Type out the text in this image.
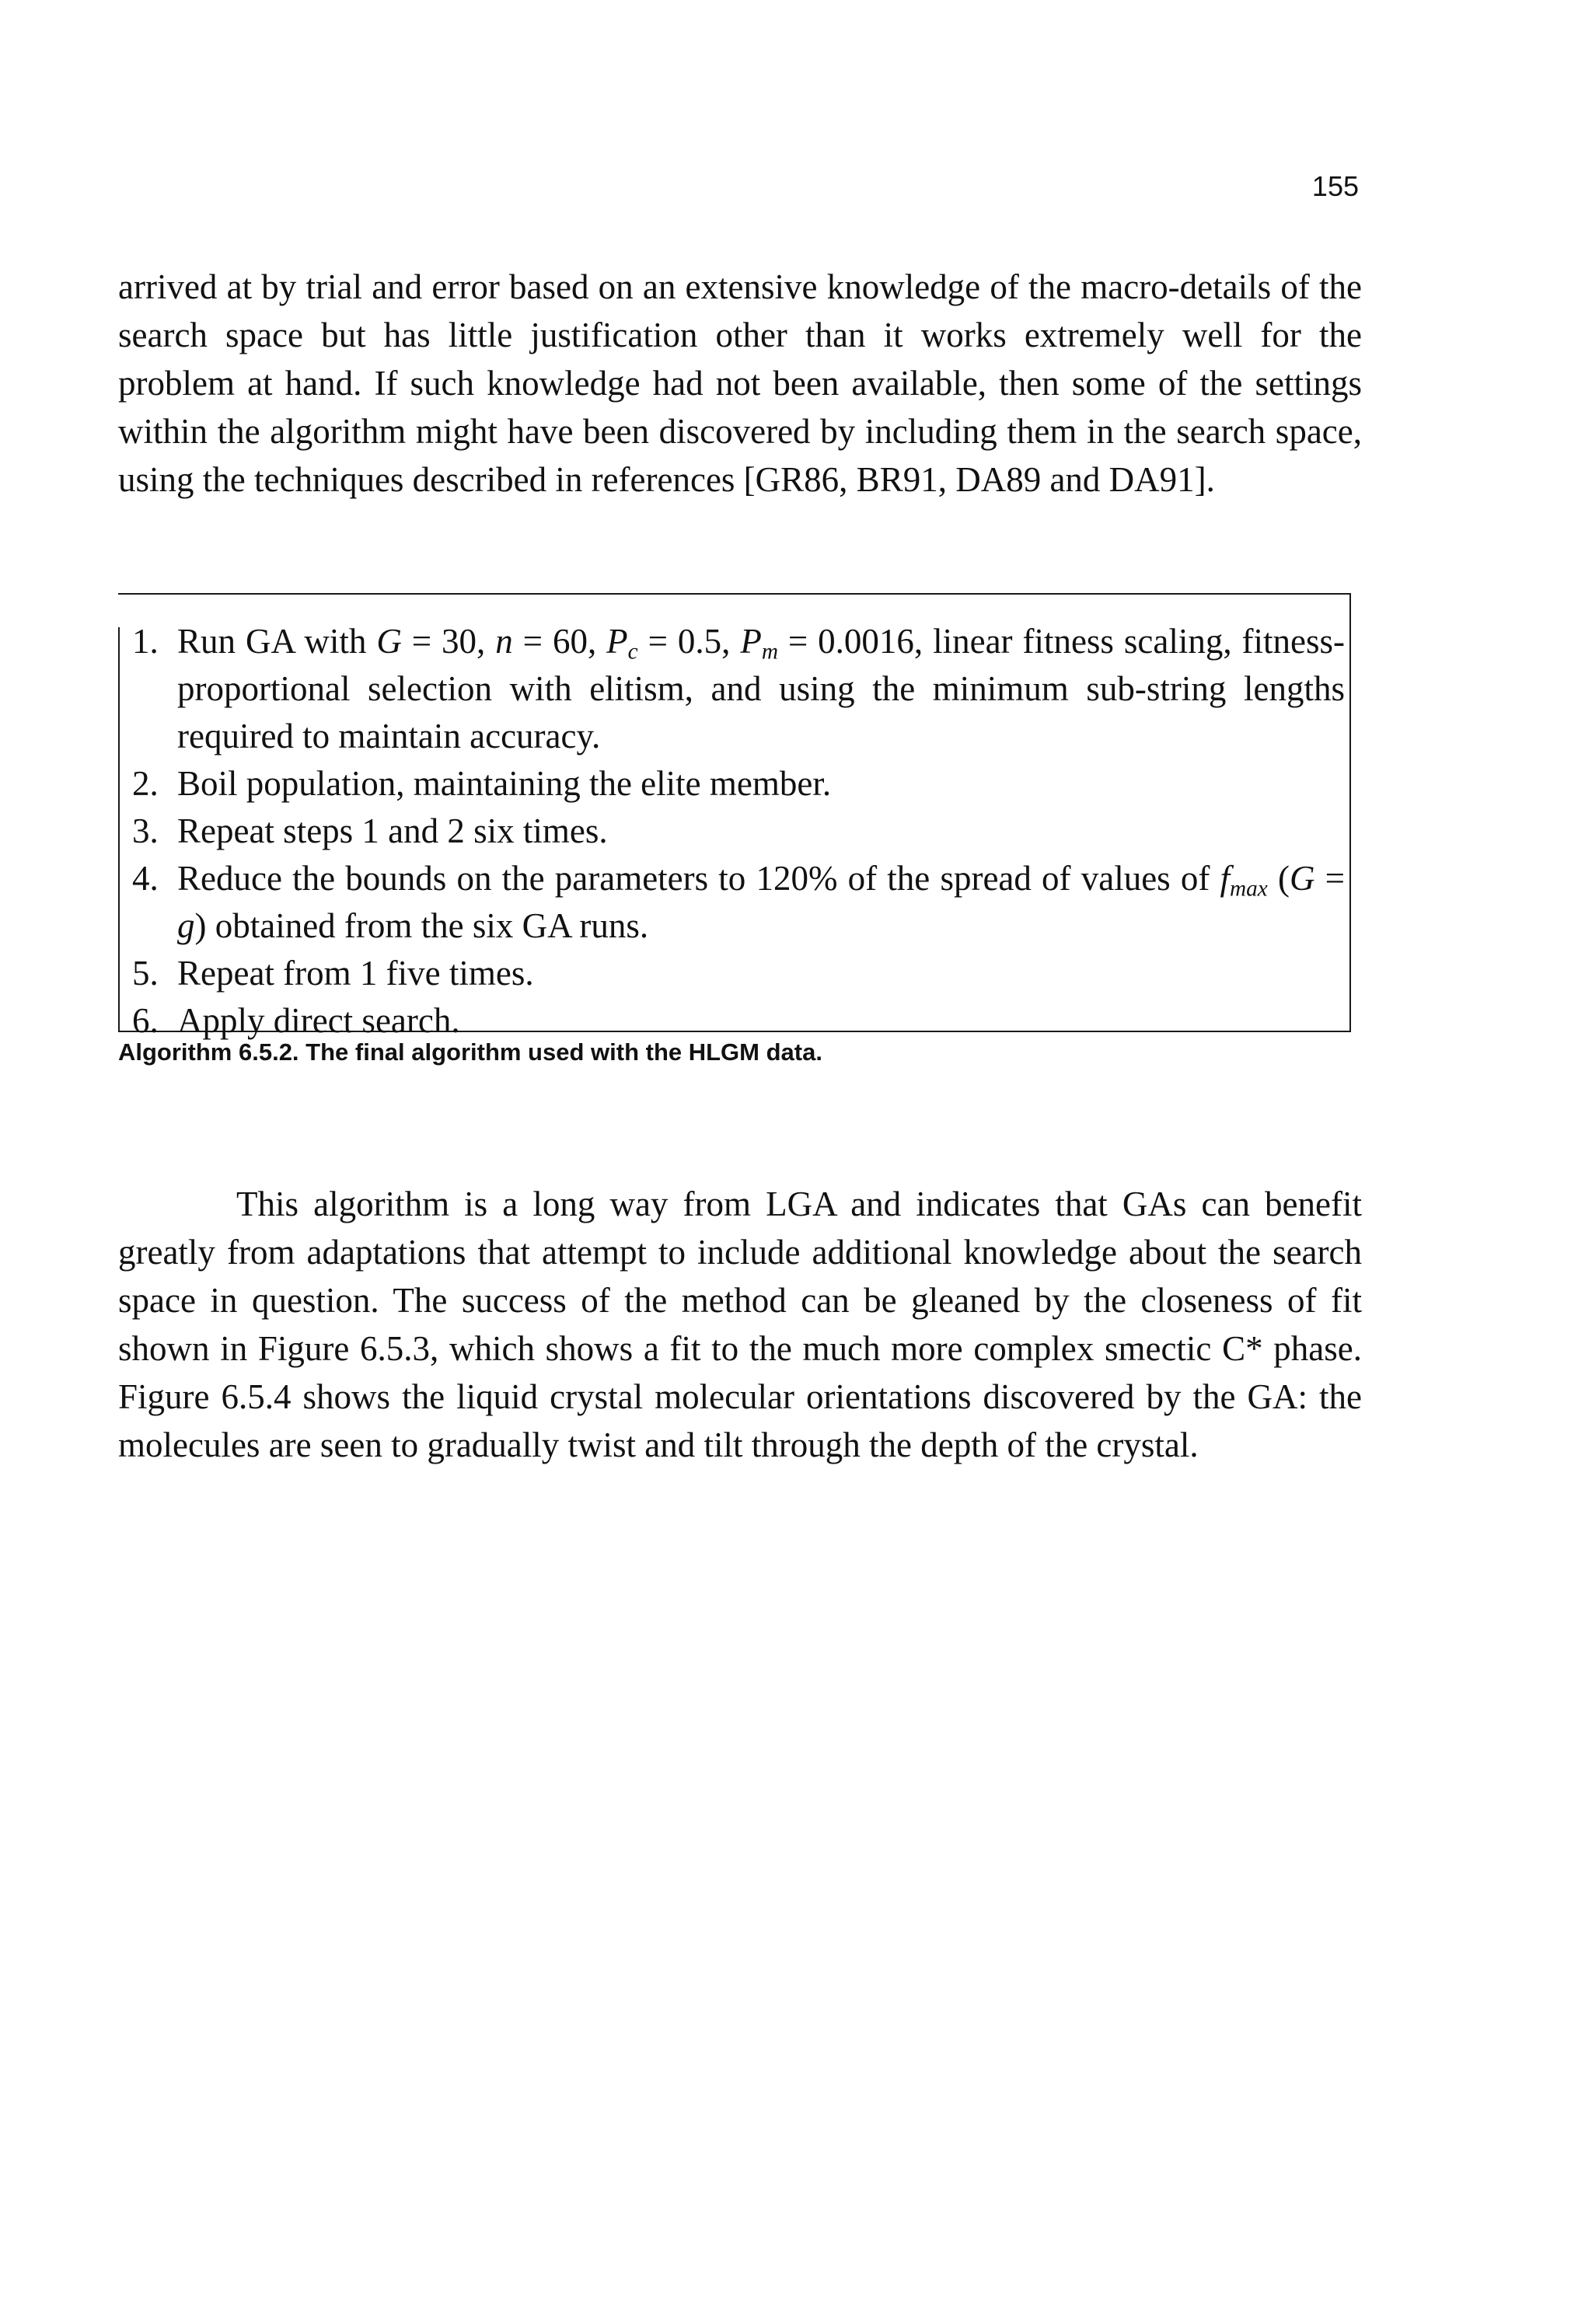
155

arrived at by trial and error based on an extensive knowledge of the macro-details of the search space but has little justification other than it works extremely well for the problem at hand. If such knowledge had not been available, then some of the settings within the algorithm might have been discovered by including them in the search space, using the techniques described in references [GR86, BR91, DA89 and DA91].

1. Run GA with G = 30, n = 60, $P_c = 0.5$, $P_m = 0.0016$, linear fitness scaling, fitness-proportional selection with elitism, and using the minimum sub-string lengths required to maintain accuracy.
2. Boil population, maintaining the elite member.
3. Repeat steps 1 and 2 six times.
4. Reduce the bounds on the parameters to 120% of the spread of values of $f_{max}$ (G = g) obtained from the six GA runs.
5. Repeat from 1 five times.
6. Apply direct search.
Algorithm 6.5.2. The final algorithm used with the HLGM data.

This algorithm is a long way from LGA and indicates that GAs can benefit greatly from adaptations that attempt to include additional knowledge about the search space in question. The success of the method can be gleaned by the closeness of fit shown in Figure 6.5.3, which shows a fit to the much more complex smectic C* phase. Figure 6.5.4 shows the liquid crystal molecular orientations discovered by the GA: the molecules are seen to gradually twist and tilt through the depth of the crystal.
